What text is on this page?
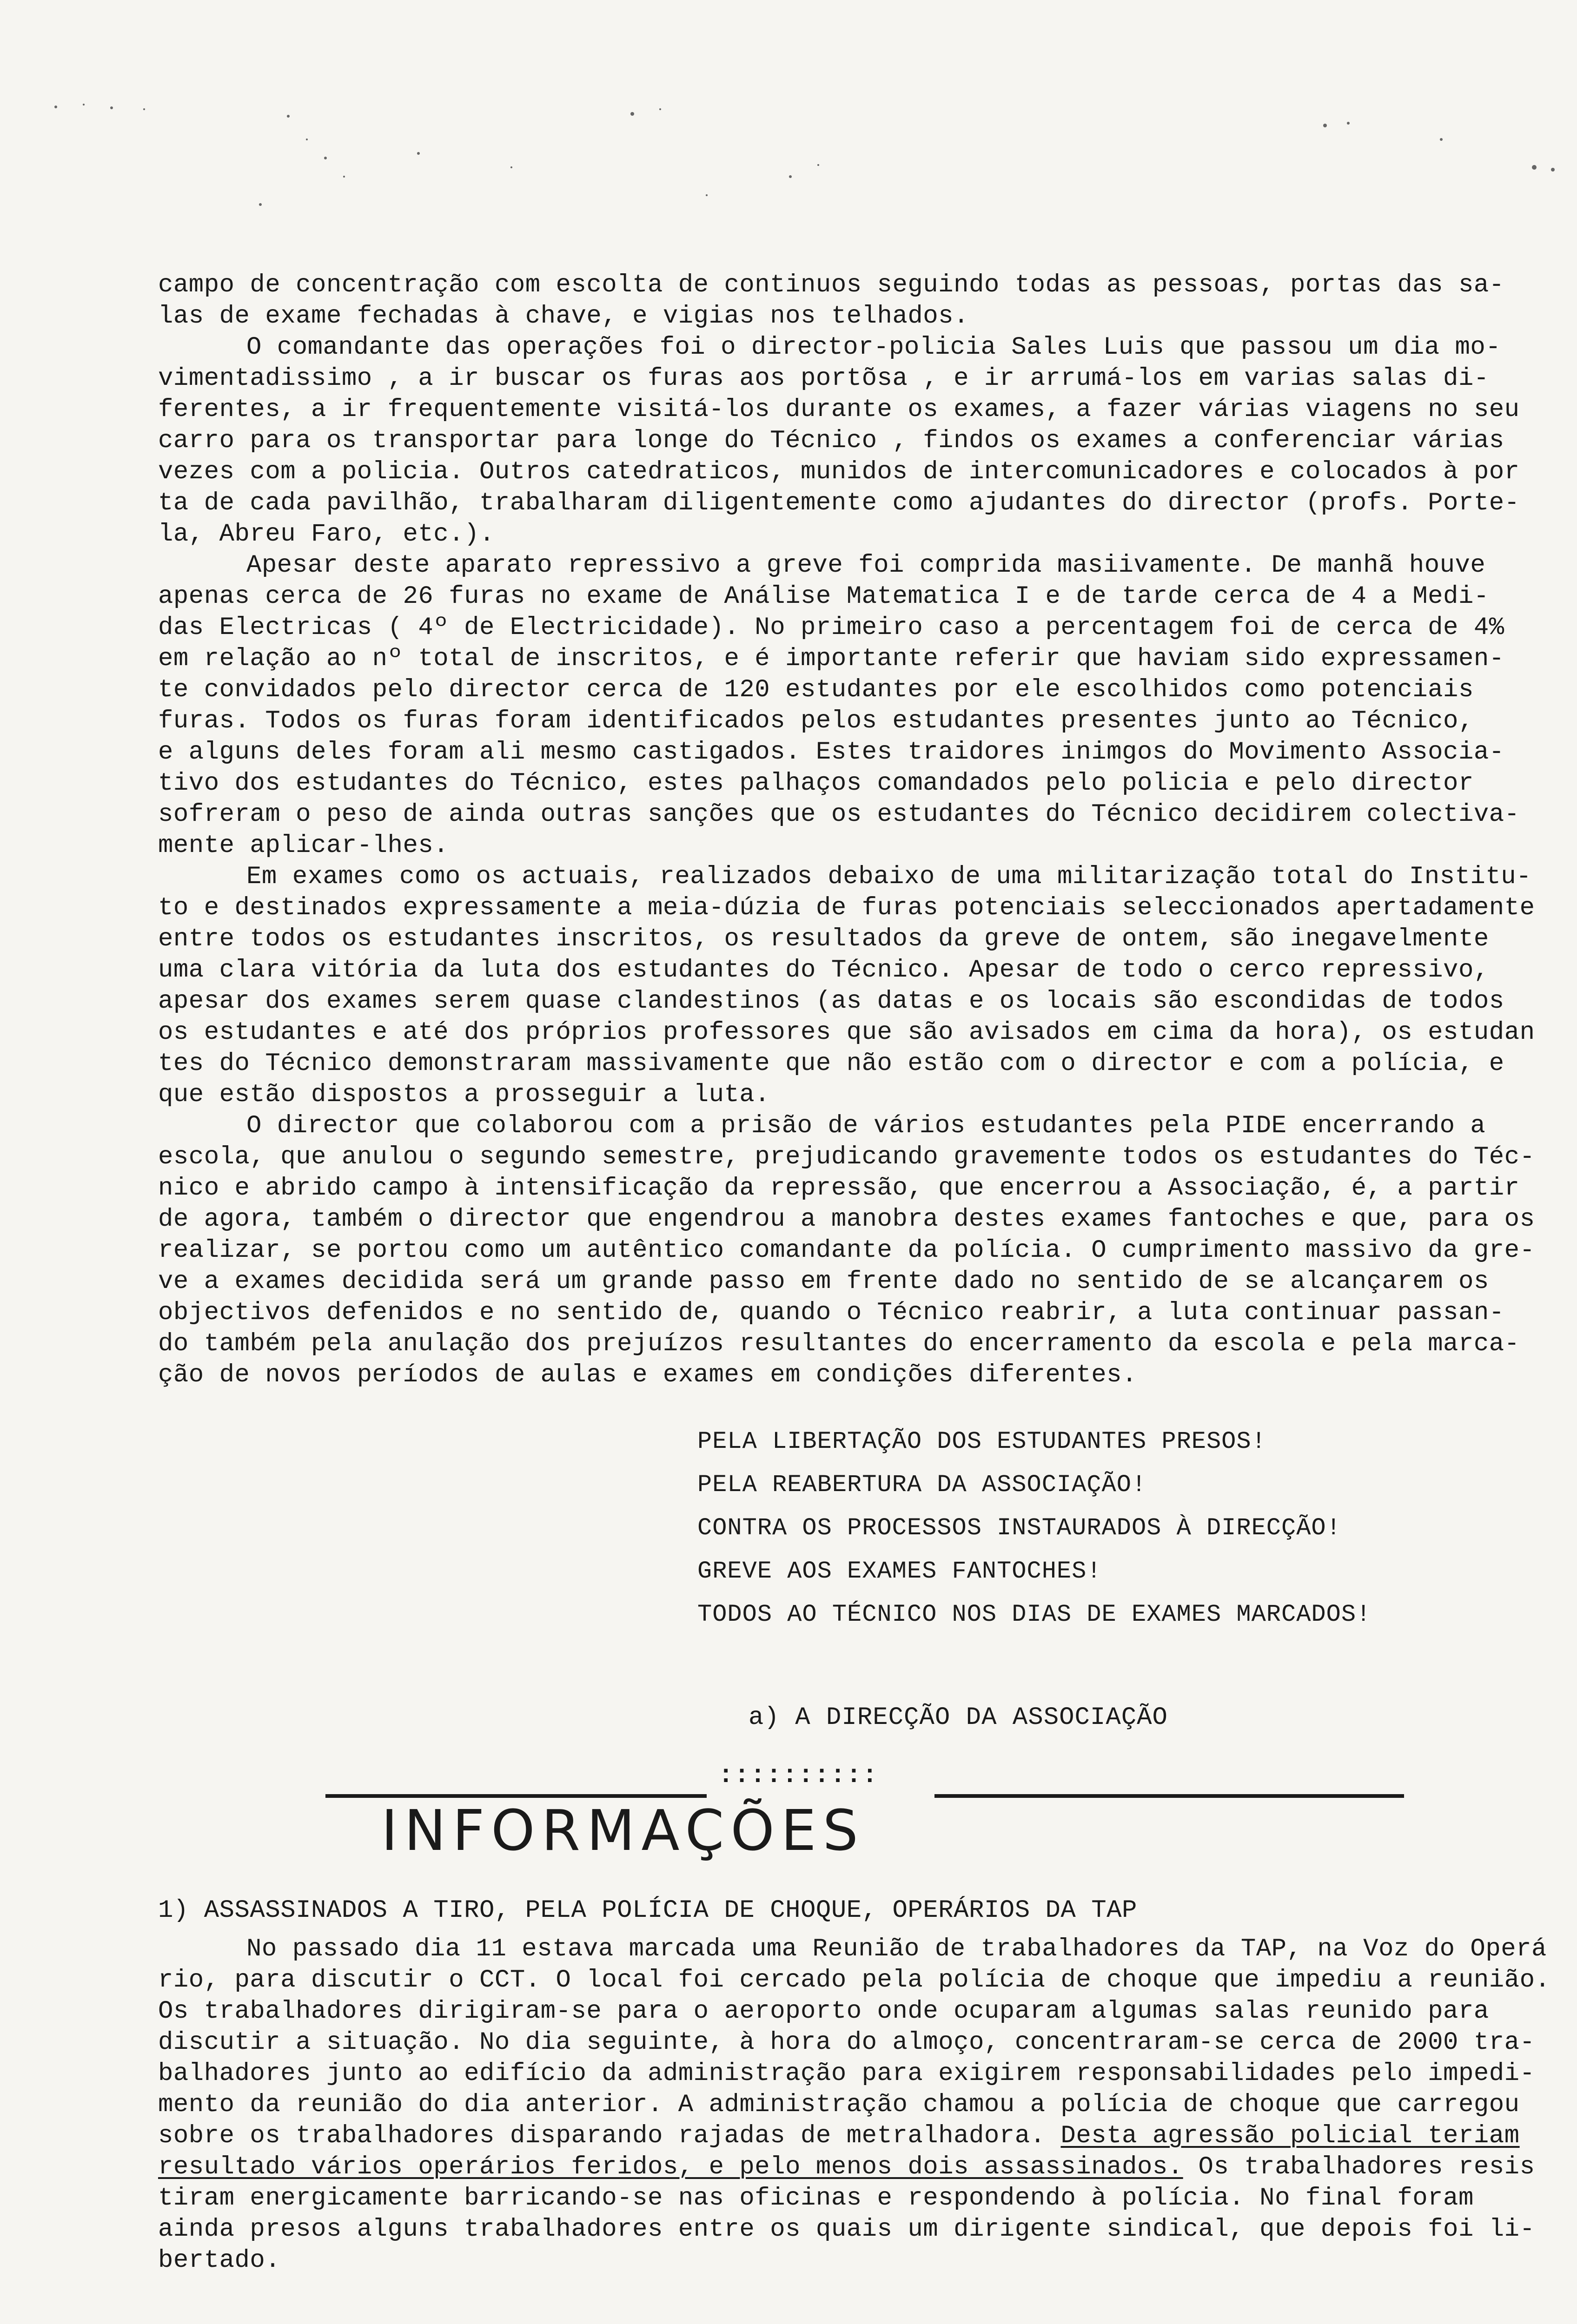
campo de concentração com escolta de continuos seguindo todas as pessoas, portas das sa-

las de exame fechadas à chave, e vigias nos telhados.

O comandante das operações foi o director-policia Sales Luis que passou um dia mo-

vimentadissimo , a ir buscar os furas aos portõsa , e ir arrumá-los em varias salas di-

ferentes, a ir frequentemente visitá-los durante os exames, a fazer várias viagens no seu

carro para os transportar para longe do Técnico , findos os exames a conferenciar várias

vezes com a policia. Outros catedraticos, munidos de intercomunicadores e colocados à por

ta de cada pavilhão, trabalharam diligentemente como ajudantes do director (profs. Porte-

la, Abreu Faro, etc.).

Apesar deste aparato repressivo a greve foi comprida masiivamente. De manhã houve

apenas cerca de 26 furas no exame de Análise Matematica I e de tarde cerca de 4 a Medi-

das Electricas ( 4º de Electricidade). No primeiro caso a percentagem foi de cerca de 4%

em relação ao nº total de inscritos, e é importante referir que haviam sido expressamen-

te convidados pelo director cerca de 120 estudantes por ele escolhidos como potenciais

furas. Todos os furas foram identificados pelos estudantes presentes junto ao Técnico,

e alguns deles foram ali mesmo castigados. Estes traidores inimgos do Movimento Associa-

tivo dos estudantes do Técnico, estes palhaços comandados pelo policia e pelo director

sofreram o peso de ainda outras sanções que os estudantes do Técnico decidirem colectiva-

mente aplicar-lhes.

Em exames como os actuais, realizados debaixo de uma militarização total do Institu-

to e destinados expressamente a meia-dúzia de furas potenciais seleccionados apertadamente

entre todos os estudantes inscritos, os resultados da greve de ontem, são inegavelmente

uma clara vitória da luta dos estudantes do Técnico. Apesar de todo o cerco repressivo,

apesar dos exames serem quase clandestinos (as datas e os locais são escondidas de todos

os estudantes e até dos próprios professores que são avisados em cima da hora), os estudan

tes do Técnico demonstraram massivamente que não estão com o director e com a polícia, e

que estão dispostos a prosseguir a luta.

O director que colaborou com a prisão de vários estudantes pela PIDE encerrando a

escola, que anulou o segundo semestre, prejudicando gravemente todos os estudantes do Téc-

nico e abrido campo à intensificação da repressão, que encerrou a Associação, é, a partir

de agora, também o director que engendrou a manobra destes exames fantoches e que, para os

realizar, se portou como um autêntico comandante da polícia. O cumprimento massivo da gre-

ve a exames decidida será um grande passo em frente dado no sentido de se alcançarem os

objectivos defenidos e no sentido de, quando o Técnico reabrir, a luta continuar passan-

do também pela anulação dos prejuízos resultantes do encerramento da escola e pela marca-

ção de novos períodos de aulas e exames em condições diferentes.

PELA LIBERTAÇÃO DOS ESTUDANTES PRESOS!

PELA REABERTURA DA ASSOCIAÇÃO!

CONTRA OS PROCESSOS INSTAURADOS À DIRECÇÃO!

GREVE AOS EXAMES FANTOCHES!

TODOS AO TÉCNICO NOS DIAS DE EXAMES MARCADOS!

a) A DIRECÇÃO DA ASSOCIAÇÃO
::::::::::
INFORMAÇÕES
1) ASSASSINADOS A TIRO, PELA POLÍCIA DE CHOQUE, OPERÁRIOS DA TAP

No passado dia 11 estava marcada uma Reunião de trabalhadores da TAP, na Voz do Operá

rio, para discutir o CCT. O local foi cercado pela polícia de choque que impediu a reunião.

Os trabalhadores dirigiram-se para o aeroporto onde ocuparam algumas salas reunido para

discutir a situação. No dia seguinte, à hora do almoço, concentraram-se cerca de 2000 tra-

balhadores junto ao edifício da administração para exigirem responsabilidades pelo impedi-

mento da reunião do dia anterior. A administração chamou a polícia de choque que carregou

sobre os trabalhadores disparando rajadas de metralhadora. Desta agressão policial teriam

resultado vários operários feridos, e pelo menos dois assassinados. Os trabalhadores resis

tiram energicamente barricando-se nas oficinas e respondendo à polícia. No final foram

ainda presos alguns trabalhadores entre os quais um dirigente sindical, que depois foi li-

bertado.
